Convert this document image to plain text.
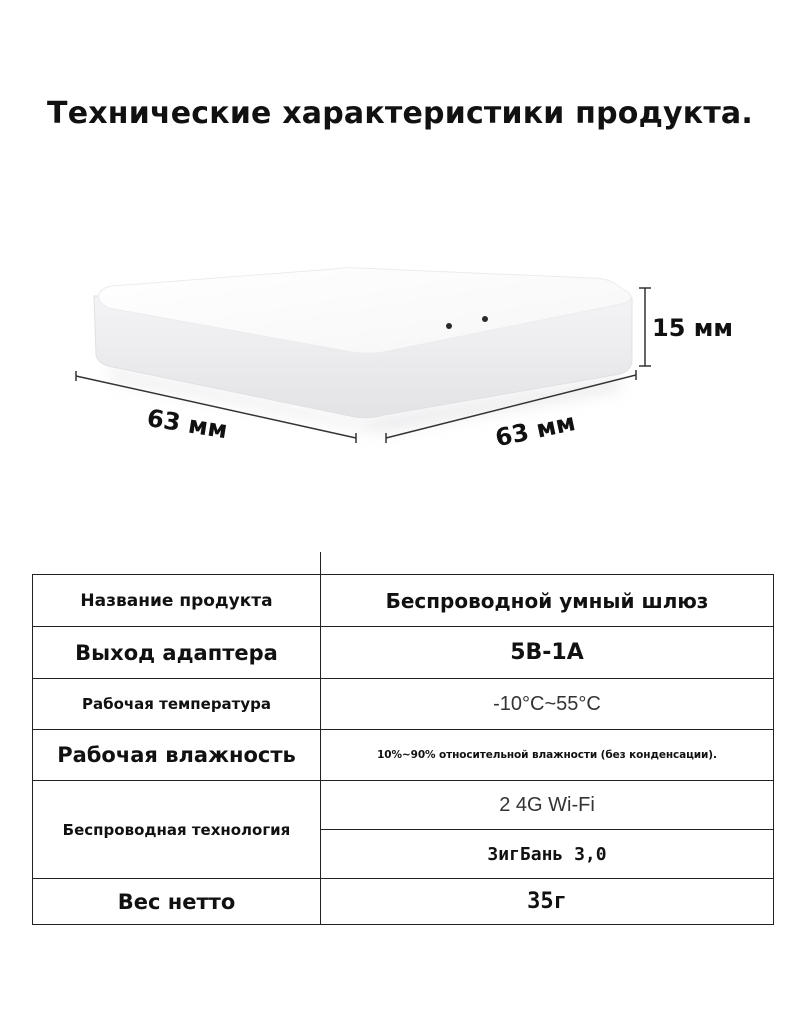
Технические характеристики продукта.
63 мм	63 мм
15 мм
Название продукта	Беспроводной умный шлюз
Выход адаптера	5В-1А
Рабочая температура	-10°C~55°C
Рабочая влажность	10%~90% относительной влажности (без конденсации).
Беспроводная технология	2 4G Wi-Fi
	ЗигБань 3,0
Вес нетто	35г
